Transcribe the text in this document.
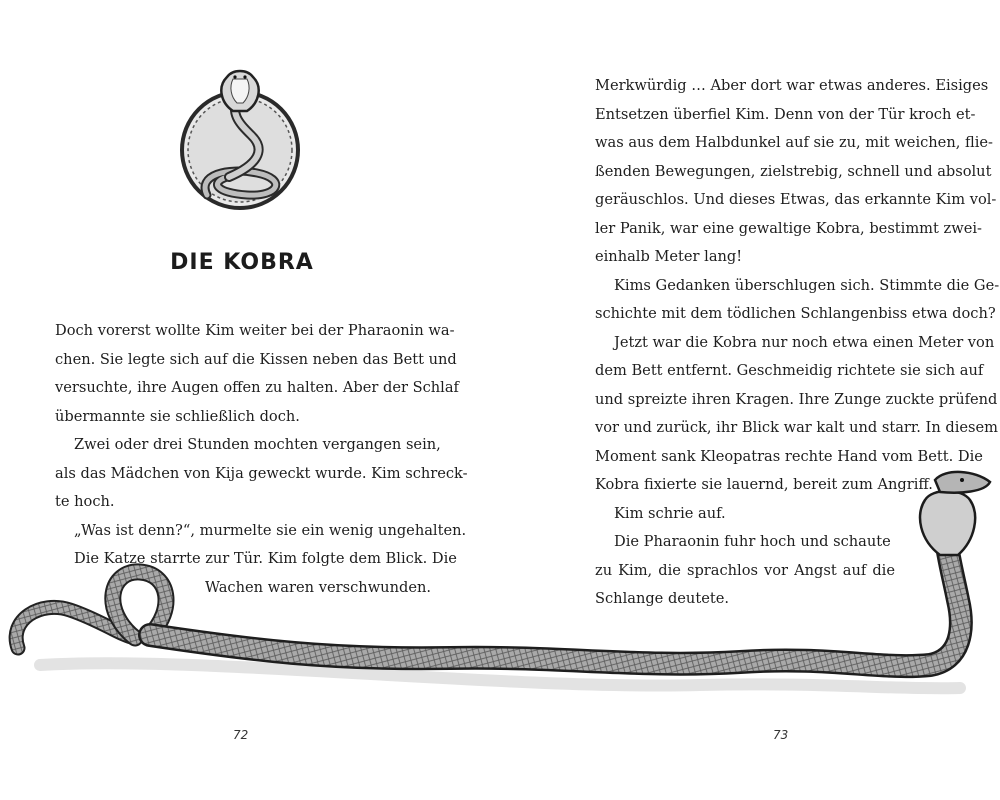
DIE KOBRA
Doch vorerst wollte Kim weiter bei der Pharaonin wa-
chen. Sie legte sich auf die Kissen neben das Bett und
versuchte, ihre Augen offen zu halten. Aber der Schlaf
übermannte sie schließlich doch.
Zwei oder drei Stunden mochten vergangen sein,
als das Mädchen von Kija geweckt wurde. Kim schreck-
te hoch.
„Was ist denn?“, murmelte sie ein wenig ungehalten.
Die Katze starrte zur Tür. Kim folgte dem Blick. Die
Wachen waren verschwunden.
Merkwürdig … Aber dort war etwas anderes. Eisiges
Entsetzen überfiel Kim. Denn von der Tür kroch et-
was aus dem Halbdunkel auf sie zu, mit weichen, flie-
ßenden Bewegungen, zielstrebig, schnell und absolut
geräuschlos. Und dieses Etwas, das erkannte Kim vol-
ler Panik, war eine gewaltige Kobra, bestimmt zwei-
einhalb Meter lang!
Kims Gedanken überschlugen sich. Stimmte die Ge-
schichte mit dem tödlichen Schlangenbiss etwa doch?
Jetzt war die Kobra nur noch etwa einen Meter von
dem Bett entfernt. Geschmeidig richtete sie sich auf
und spreizte ihren Kragen. Ihre Zunge zuckte prüfend
vor und zurück, ihr Blick war kalt und starr. In diesem
Moment sank Kleopatras rechte Hand vom Bett. Die
Kobra fixierte sie lauernd, bereit zum Angriff.
Kim schrie auf.
Die Pharaonin fuhr hoch und schaute
zu Kim, die sprachlos vor Angst auf die
Schlange deutete.
72	73
